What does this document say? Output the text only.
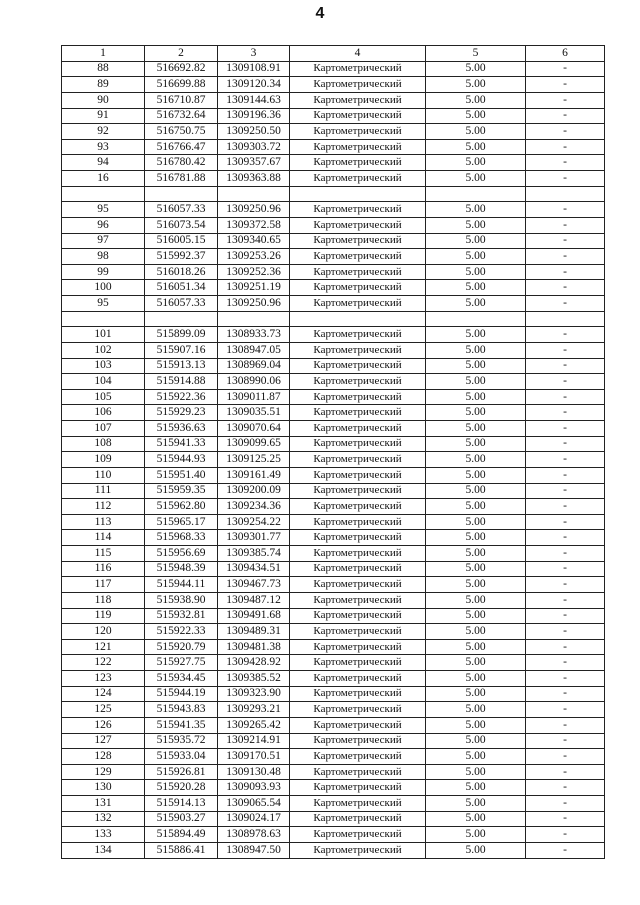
4
1	2	3	4	5	6
88	516692.82	1309108.91	Картометрический	5.00	-
89	516699.88	1309120.34	Картометрический	5.00	-
90	516710.87	1309144.63	Картометрический	5.00	-
91	516732.64	1309196.36	Картометрический	5.00	-
92	516750.75	1309250.50	Картометрический	5.00	-
93	516766.47	1309303.72	Картометрический	5.00	-
94	516780.42	1309357.67	Картометрический	5.00	-
16	516781.88	1309363.88	Картометрический	5.00	-

95	516057.33	1309250.96	Картометрический	5.00	-
96	516073.54	1309372.58	Картометрический	5.00	-
97	516005.15	1309340.65	Картометрический	5.00	-
98	515992.37	1309253.26	Картометрический	5.00	-
99	516018.26	1309252.36	Картометрический	5.00	-
100	516051.34	1309251.19	Картометрический	5.00	-
95	516057.33	1309250.96	Картометрический	5.00	-

101	515899.09	1308933.73	Картометрический	5.00	-
102	515907.16	1308947.05	Картометрический	5.00	-
103	515913.13	1308969.04	Картометрический	5.00	-
104	515914.88	1308990.06	Картометрический	5.00	-
105	515922.36	1309011.87	Картометрический	5.00	-
106	515929.23	1309035.51	Картометрический	5.00	-
107	515936.63	1309070.64	Картометрический	5.00	-
108	515941.33	1309099.65	Картометрический	5.00	-
109	515944.93	1309125.25	Картометрический	5.00	-
110	515951.40	1309161.49	Картометрический	5.00	-
111	515959.35	1309200.09	Картометрический	5.00	-
112	515962.80	1309234.36	Картометрический	5.00	-
113	515965.17	1309254.22	Картометрический	5.00	-
114	515968.33	1309301.77	Картометрический	5.00	-
115	515956.69	1309385.74	Картометрический	5.00	-
116	515948.39	1309434.51	Картометрический	5.00	-
117	515944.11	1309467.73	Картометрический	5.00	-
118	515938.90	1309487.12	Картометрический	5.00	-
119	515932.81	1309491.68	Картометрический	5.00	-
120	515922.33	1309489.31	Картометрический	5.00	-
121	515920.79	1309481.38	Картометрический	5.00	-
122	515927.75	1309428.92	Картометрический	5.00	-
123	515934.45	1309385.52	Картометрический	5.00	-
124	515944.19	1309323.90	Картометрический	5.00	-
125	515943.83	1309293.21	Картометрический	5.00	-
126	515941.35	1309265.42	Картометрический	5.00	-
127	515935.72	1309214.91	Картометрический	5.00	-
128	515933.04	1309170.51	Картометрический	5.00	-
129	515926.81	1309130.48	Картометрический	5.00	-
130	515920.28	1309093.93	Картометрический	5.00	-
131	515914.13	1309065.54	Картометрический	5.00	-
132	515903.27	1309024.17	Картометрический	5.00	-
133	515894.49	1308978.63	Картометрический	5.00	-
134	515886.41	1308947.50	Картометрический	5.00	-
